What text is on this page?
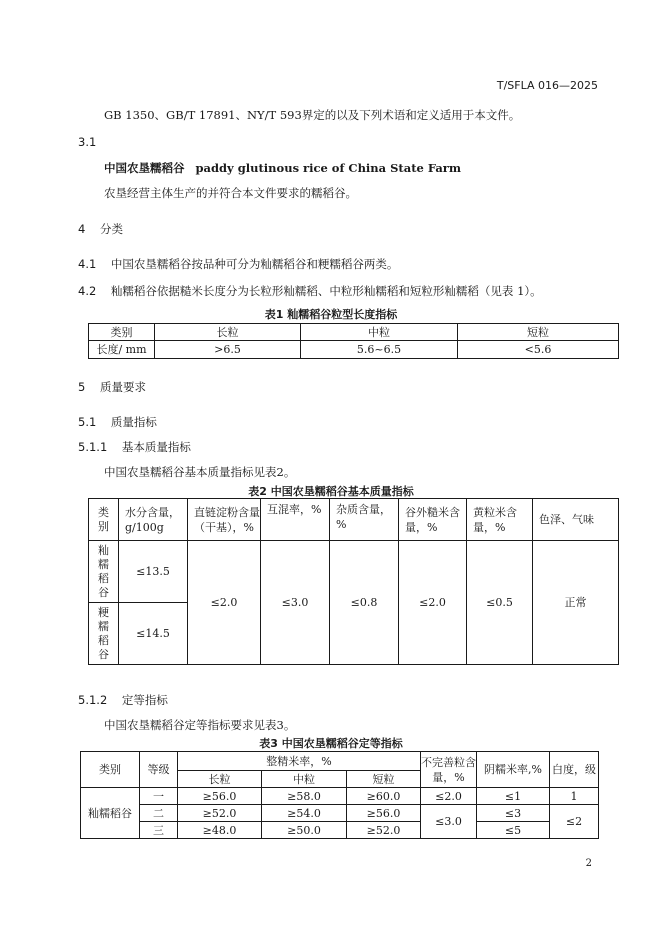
T/SFLA 016—2025
GB 1350、GB/T 17891、NY/T 593界定的以及下列术语和定义适用于本文件。
3.1
中国农垦糯稻谷 paddy glutinous rice of China State Farm
农垦经营主体生产的并符合本文件要求的糯稻谷。
4 分类
4.1 中国农垦糯稻谷按品种可分为籼糯稻谷和粳糯稻谷两类。
4.2 籼糯稻谷依据糙米长度分为长粒形籼糯稻、中粒形籼糯稻和短粒形籼糯稻（见表 1）。
表1 籼糯稻谷粒型长度指标
类别	长粒	中粒	短粒
长度/ mm	>6.5	5.6~6.5	<5.6
5 质量要求
5.1 质量指标
5.1.1 基本质量指标
中国农垦糯稻谷基本质量指标见表2。
表2 中国农垦糯稻谷基本质量指标
类别	水分含量，g/100g	直链淀粉含量（干基），%	互混率，%	杂质含量，%	谷外糙米含量，%	黄粒米含量，%	色泽、气味
籼糯稻谷	≤13.5	≤2.0	≤3.0	≤0.8	≤2.0	≤0.5	正常
粳糯稻谷	≤14.5						
5.1.2 定等指标
中国农垦糯稻谷定等指标要求见表3。
表3 中国农垦糯稻谷定等指标
类别	等级	整精米率，%			不完善粒含量，%	阴糯米率,%	白度，级
		长粒	中粒	短粒			
籼糯稻谷	一	≥56.0	≥58.0	≥60.0	≤2.0	≤1	1
	二	≥52.0	≥54.0	≥56.0	≤3.0	≤3	≤2
	三	≥48.0	≥50.0	≥52.0		≤5	
2
